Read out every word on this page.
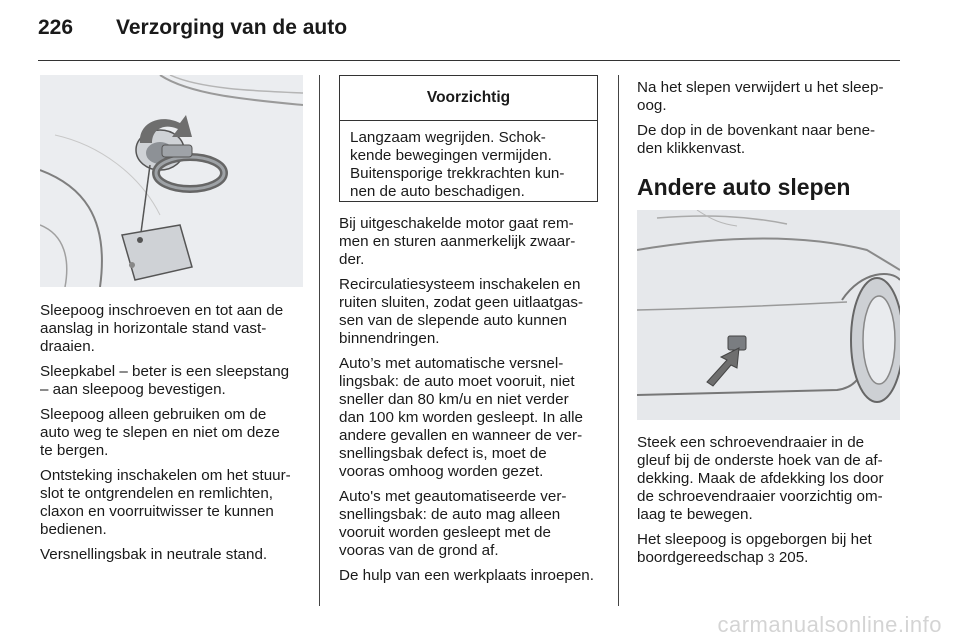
226 Verzorging van de auto

Sleepoog inschroeven en tot aan de
aanslag in horizontale stand vast-
draaien.

Sleepkabel – beter is een sleepstang
– aan sleepoog bevestigen.

Sleepoog alleen gebruiken om de
auto weg te slepen en niet om deze
te bergen.

Ontsteking inschakelen om het stuur-
slot te ontgrendelen en remlichten,
claxon en voorruitwisser te kunnen
bedienen.

Versnellingsbak in neutrale stand.

Voorzichtig
Langzaam wegrijden. Schok-
kende bewegingen vermijden.
Buitensporige trekkrachten kun-
nen de auto beschadigen.

Bij uitgeschakelde motor gaat rem-
men en sturen aanmerkelijk zwaar-
der.

Recirculatiesysteem inschakelen en
ruiten sluiten, zodat geen uitlaatgas-
sen van de slepende auto kunnen
binnendringen.

Auto’s met automatische versnel-
lingsbak: de auto moet vooruit, niet
sneller dan 80 km/u en niet verder
dan 100 km worden gesleept. In alle
andere gevallen en wanneer de ver-
snellingsbak defect is, moet de
vooras omhoog worden gezet.

Auto's met geautomatiseerde ver-
snellingsbak: de auto mag alleen
vooruit worden gesleept met de
vooras van de grond af.

De hulp van een werkplaats inroepen.

Na het slepen verwijdert u het sleep-
oog.

De dop in de bovenkant naar bene-
den klikkenvast.

Andere auto slepen

Steek een schroevendraaier in de
gleuf bij de onderste hoek van de af-
dekking. Maak de afdekking los door
de schroevendraaier voorzichtig om-
laag te bewegen.

Het sleepoog is opgeborgen bij het
boordgereedschap 3 205.

carmanualsonline.info
